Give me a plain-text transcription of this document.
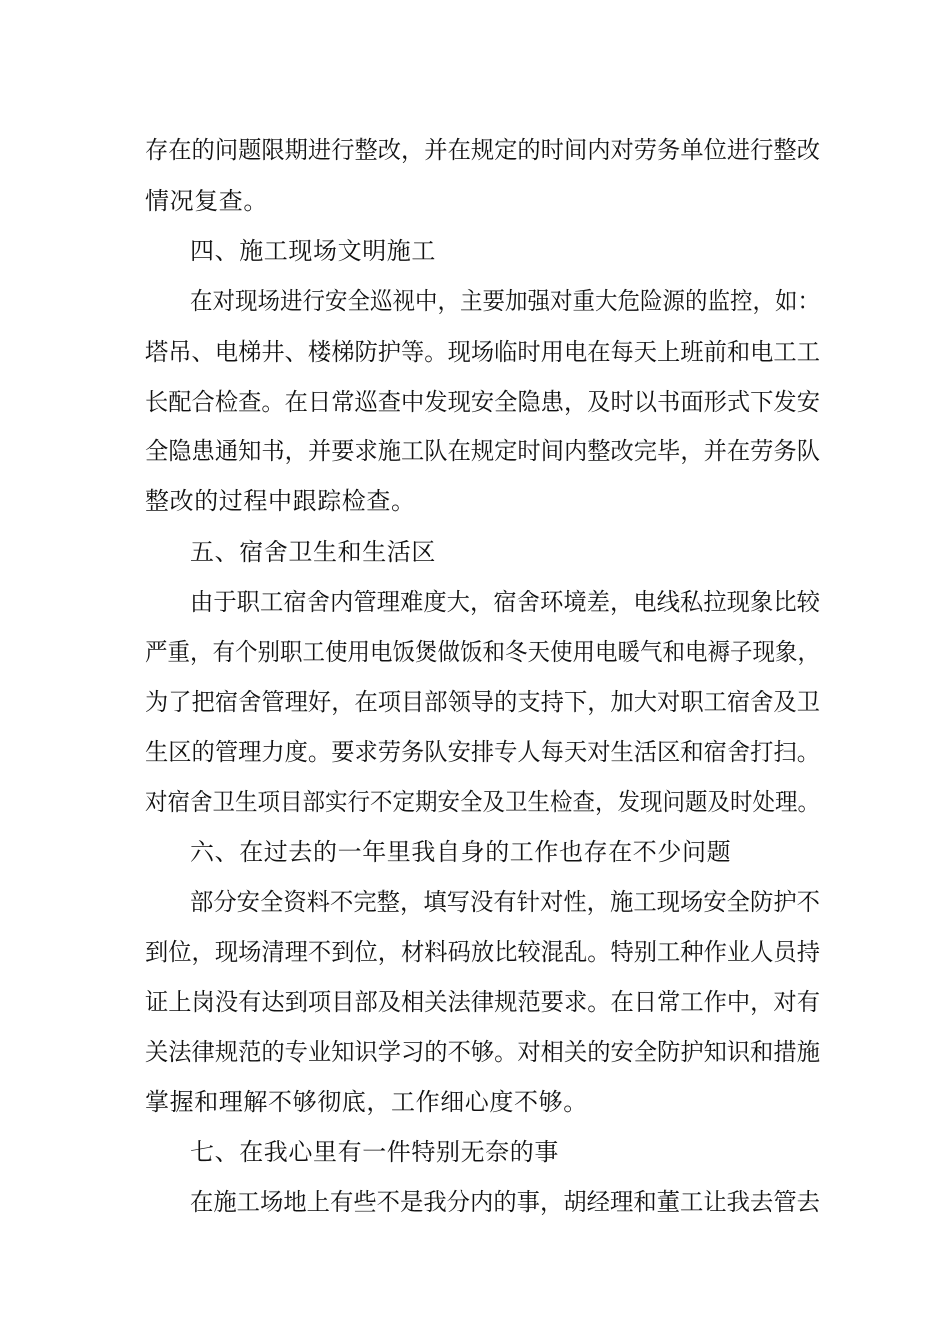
存在的问题限期进行整改，并在规定的时间内对劳务单位进行整改
情况复查。
四、施工现场文明施工
在对现场进行安全巡视中，主要加强对重大危险源的监控，如：
塔吊、电梯井、楼梯防护等。现场临时用电在每天上班前和电工工
长配合检查。在日常巡查中发现安全隐患，及时以书面形式下发安
全隐患通知书，并要求施工队在规定时间内整改完毕，并在劳务队
整改的过程中跟踪检查。
五、宿舍卫生和生活区
由于职工宿舍内管理难度大，宿舍环境差，电线私拉现象比较
严重，有个别职工使用电饭煲做饭和冬天使用电暖气和电褥子现象，
为了把宿舍管理好，在项目部领导的支持下，加大对职工宿舍及卫
生区的管理力度。要求劳务队安排专人每天对生活区和宿舍打扫。
对宿舍卫生项目部实行不定期安全及卫生检查，发现问题及时处理。
六、在过去的一年里我自身的工作也存在不少问题
部分安全资料不完整，填写没有针对性，施工现场安全防护不
到位，现场清理不到位，材料码放比较混乱。特别工种作业人员持
证上岗没有达到项目部及相关法律规范要求。在日常工作中，对有
关法律规范的专业知识学习的不够。对相关的安全防护知识和措施
掌握和理解不够彻底，工作细心度不够。
七、在我心里有一件特别无奈的事
在施工场地上有些不是我分内的事，胡经理和董工让我去管去
